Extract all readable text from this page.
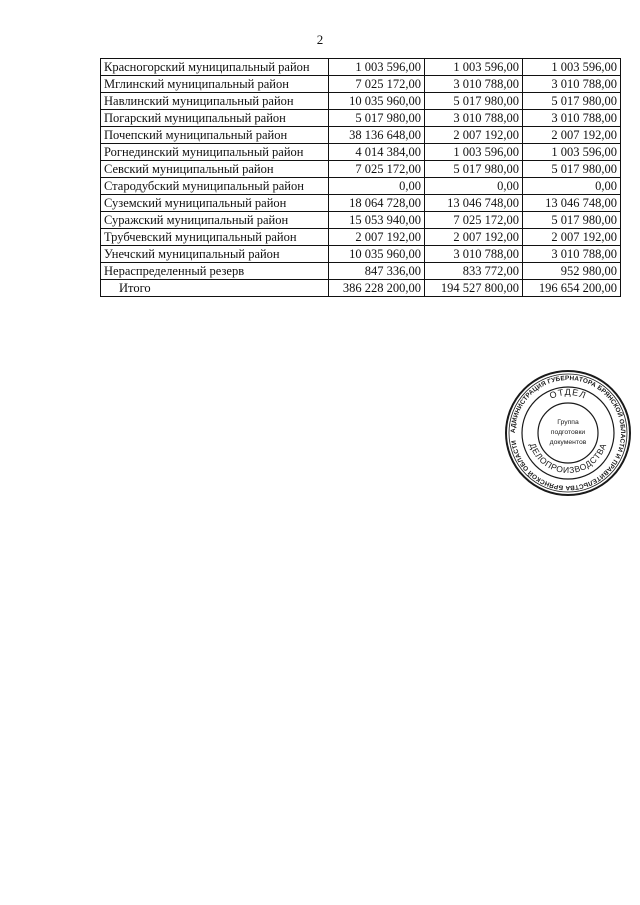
2
Красногорский муниципальный район	1 003 596,00	1 003 596,00	1 003 596,00
Мглинский муниципальный район	7 025 172,00	3 010 788,00	3 010 788,00
Навлинский муниципальный район	10 035 960,00	5 017 980,00	5 017 980,00
Погарский муниципальный район	5 017 980,00	3 010 788,00	3 010 788,00
Почепский муниципальный район	38 136 648,00	2 007 192,00	2 007 192,00
Рогнединский муниципальный район	4 014 384,00	1 003 596,00	1 003 596,00
Севский муниципальный район	7 025 172,00	5 017 980,00	5 017 980,00
Стародубский муниципальный район	0,00	0,00	0,00
Суземский муниципальный район	18 064 728,00	13 046 748,00	13 046 748,00
Суражский муниципальный район	15 053 940,00	7 025 172,00	5 017 980,00
Трубчевский муниципальный район	2 007 192,00	2 007 192,00	2 007 192,00
Унечский муниципальный район	10 035 960,00	3 010 788,00	3 010 788,00
Нераспределенный резерв	847 336,00	833 772,00	952 980,00
Итого	386 228 200,00	194 527 800,00	196 654 200,00
АДМИНИСТРАЦИЯ ГУБЕРНАТОРА БРЯНСКОЙ ОБЛАСТИ И ПРАВИТЕЛЬСТВА БРЯНСКОЙ ОБЛАСТИ
ОТДЕЛ
ДЕЛОПРОИЗВОДСТВА
Группа
подготовки
документов
